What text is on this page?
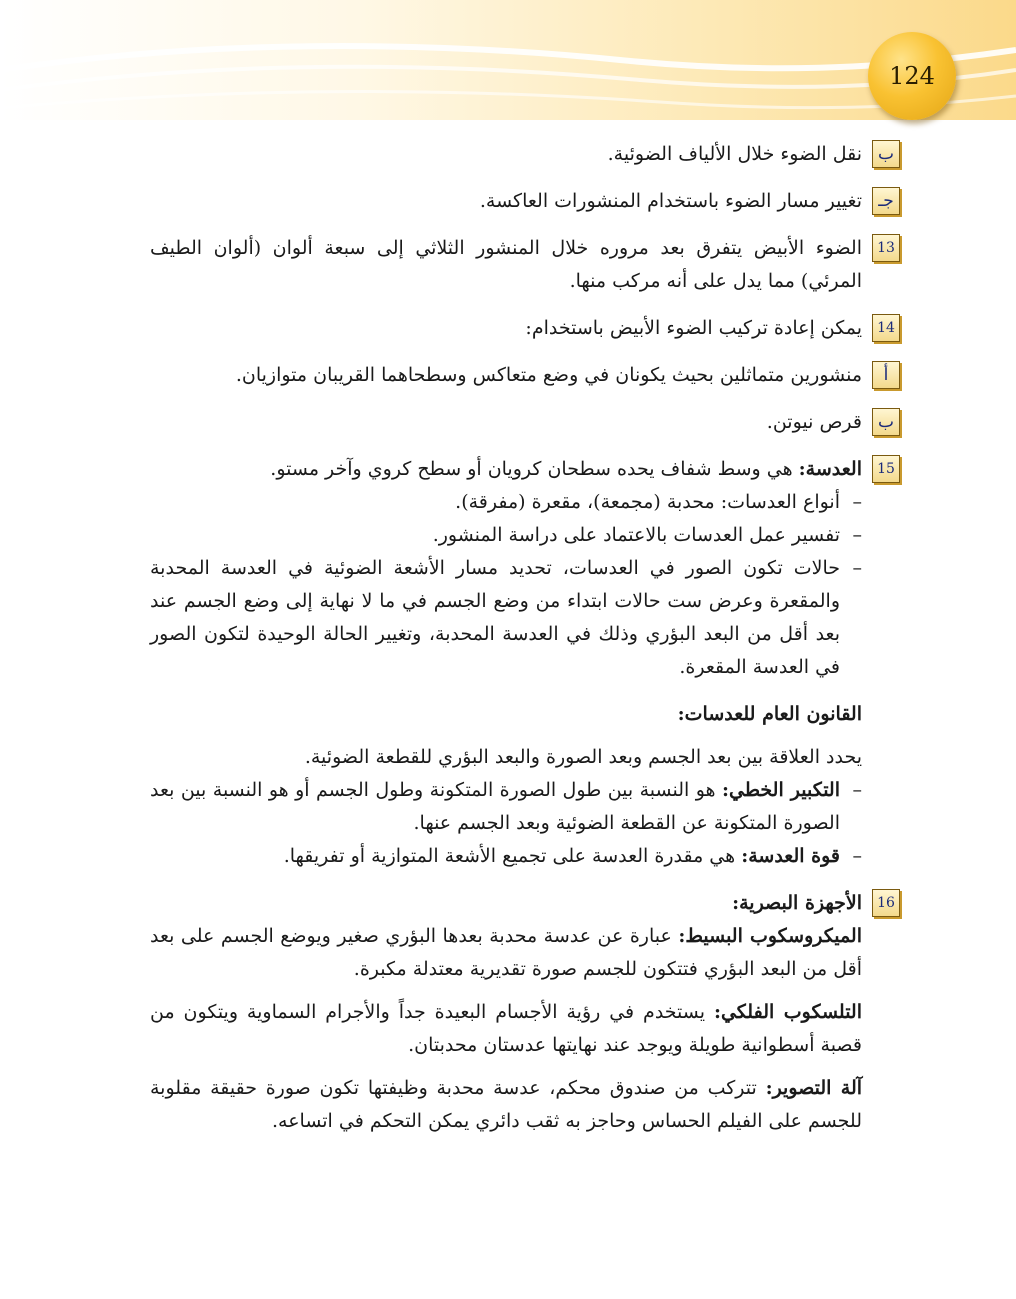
124
ب

نقل الضوء خلال الألياف الضوئية.

جـ

تغيير مسار الضوء باستخدام المنشورات العاكسة.

13

الضوء الأبيض يتفرق بعد مروره خلال المنشور الثلاثي إلى سبعة ألوان (ألوان الطيف المرئي) مما يدل على أنه مركب منها.

14

يمكن إعادة تركيب الضوء الأبيض باستخدام:

أ

منشورين متماثلين بحيث يكونان في وضع متعاكس وسطحاهما القريبان متوازيان.

ب

قرص نيوتن.

15

العدسة: هي وسط شفاف يحده سطحان كرويان أو سطح كروي وآخر مستو.

– أنواع العدسات: محدبة (مجمعة)، مقعرة (مفرقة).

– تفسير عمل العدسات بالاعتماد على دراسة المنشور.

– حالات تكون الصور في العدسات، تحديد مسار الأشعة الضوئية في العدسة المحدبة والمقعرة وعرض ست حالات ابتداء من وضع الجسم في ما لا نهاية إلى وضع الجسم عند بعد أقل من البعد البؤري وذلك في العدسة المحدبة، وتغيير الحالة الوحيدة لتكون الصور في العدسة المقعرة.

القانون العام للعدسات:

يحدد العلاقة بين بعد الجسم وبعد الصورة والبعد البؤري للقطعة الضوئية.

– التكبير الخطي: هو النسبة بين طول الصورة المتكونة وطول الجسم أو هو النسبة بين بعد الصورة المتكونة عن القطعة الضوئية وبعد الجسم عنها.

– قوة العدسة: هي مقدرة العدسة على تجميع الأشعة المتوازية أو تفريقها.

16

الأجهزة البصرية:

الميكروسكوب البسيط: عبارة عن عدسة محدبة بعدها البؤري صغير ويوضع الجسم على بعد أقل من البعد البؤري فتتكون للجسم صورة تقديرية معتدلة مكبرة.

التلسكوب الفلكي: يستخدم في رؤية الأجسام البعيدة جداً والأجرام السماوية ويتكون من قصبة أسطوانية طويلة ويوجد عند نهايتها عدستان محدبتان.

آلة التصوير: تتركب من صندوق محكم، عدسة محدبة وظيفتها تكون صورة حقيقة مقلوبة للجسم على الفيلم الحساس وحاجز به ثقب دائري يمكن التحكم في اتساعه.
